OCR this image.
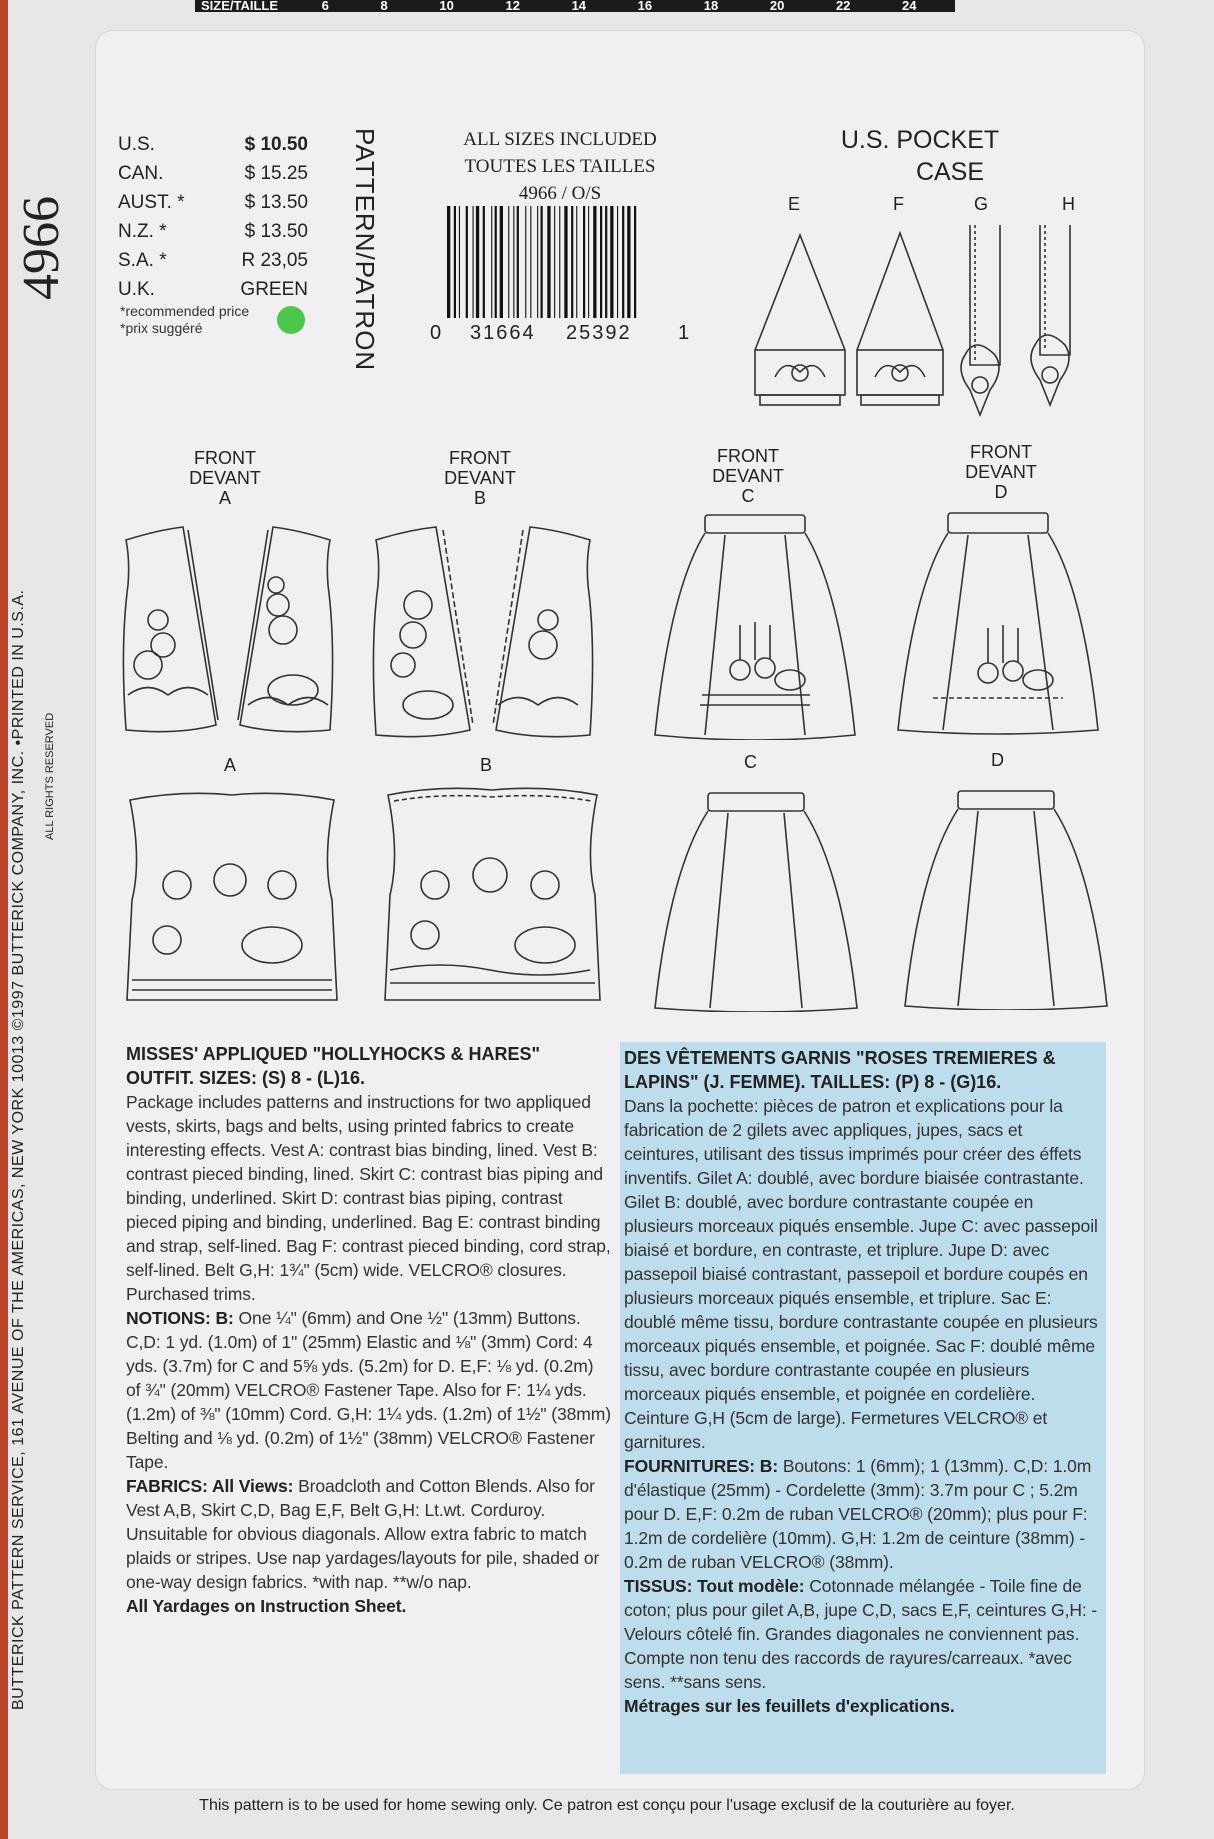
SIZE/TAILLE	6	8	10	12	14	16	18	20	22	24
4966
BUTTERICK PATTERN SERVICE, 161 AVENUE OF THE AMERICAS, NEW YORK 10013 ©1997 BUTTERICK COMPANY, INC. •PRINTED IN U.S.A. ALL RIGHTS RESERVED
U.S.	$ 10.50
CAN.	$ 15.25
AUST. *	$ 13.50
N.Z. *	$ 13.50
S.A. *	R 23,05
U.K.	GREEN
*recommended price
*prix suggéré	PATTERN/PATRON	ALL SIZES INCLUDED
TOUTES LES TAILLES
4966 / O/S
0 31664 25392 1
U.S. POCKET
CASE
E	F	G	H
FRONT
DEVANT
A
FRONT
DEVANT
B
FRONT
DEVANT
C
FRONT
DEVANT
D
A	B	C	D
MISSES' APPLIQUED "HOLLYHOCKS & HARES" OUTFIT. SIZES: (S) 8 - (L)16.
Package includes patterns and instructions for two appliqued vests, skirts, bags and belts, using printed fabrics to create interesting effects. Vest A: contrast bias binding, lined. Vest B: contrast pieced binding, lined. Skirt C: contrast bias piping and binding, underlined. Skirt D: contrast bias piping, contrast pieced piping and binding, underlined. Bag E: contrast binding and strap, self-lined. Bag F: contrast pieced binding, cord strap, self-lined. Belt G,H: 1¾" (5cm) wide. VELCRO® closures. Purchased trims.
NOTIONS: B: One ¼" (6mm) and One ½" (13mm) Buttons. C,D: 1 yd. (1.0m) of 1" (25mm) Elastic and ⅛" (3mm) Cord: 4 yds. (3.7m) for C and 5⅝ yds. (5.2m) for D. E,F: ⅛ yd. (0.2m) of ¾" (20mm) VELCRO® Fastener Tape. Also for F: 1¼ yds. (1.2m) of ⅜" (10mm) Cord. G,H: 1¼ yds. (1.2m) of 1½" (38mm) Belting and ⅛ yd. (0.2m) of 1½" (38mm) VELCRO® Fastener Tape.
FABRICS: All Views: Broadcloth and Cotton Blends. Also for Vest A,B, Skirt C,D, Bag E,F, Belt G,H: Lt.wt. Corduroy. Unsuitable for obvious diagonals. Allow extra fabric to match plaids or stripes. Use nap yardages/layouts for pile, shaded or one-way design fabrics. *with nap. **w/o nap.
All Yardages on Instruction Sheet.
DES VÊTEMENTS GARNIS "ROSES TREMIERES & LAPINS" (J. FEMME). TAILLES: (P) 8 - (G)16.
Dans la pochette: pièces de patron et explications pour la fabrication de 2 gilets avec appliques, jupes, sacs et ceintures, utilisant des tissus imprimés pour créer des éffets inventifs. Gilet A: doublé, avec bordure biaisée contrastante. Gilet B: doublé, avec bordure contrastante coupée en plusieurs morceaux piqués ensemble. Jupe C: avec passepoil biaisé et bordure, en contraste, et triplure. Jupe D: avec passepoil biaisé contrastant, passepoil et bordure coupés en plusieurs morceaux piqués ensemble, et triplure. Sac E: doublé même tissu, bordure contrastante coupée en plusieurs morceaux piqués ensemble, et poignée. Sac F: doublé même tissu, avec bordure contrastante coupée en plusieurs morceaux piqués ensemble, et poignée en cordelière. Ceinture G,H (5cm de large). Fermetures VELCRO® et garnitures.
FOURNITURES: B: Boutons: 1 (6mm); 1 (13mm). C,D: 1.0m d'élastique (25mm) - Cordelette (3mm): 3.7m pour C ; 5.2m pour D. E,F: 0.2m de ruban VELCRO® (20mm); plus pour F: 1.2m de cordelière (10mm). G,H: 1.2m de ceinture (38mm) - 0.2m de ruban VELCRO® (38mm).
TISSUS: Tout modèle: Cotonnade mélangée - Toile fine de coton; plus pour gilet A,B, jupe C,D, sacs E,F, ceintures G,H: - Velours côtelé fin. Grandes diagonales ne conviennent pas. Compte non tenu des raccords de rayures/carreaux. *avec sens. **sans sens.
Métrages sur les feuillets d'explications.
This pattern is to be used for home sewing only. Ce patron est conçu pour l'usage exclusif de la couturière au foyer.
